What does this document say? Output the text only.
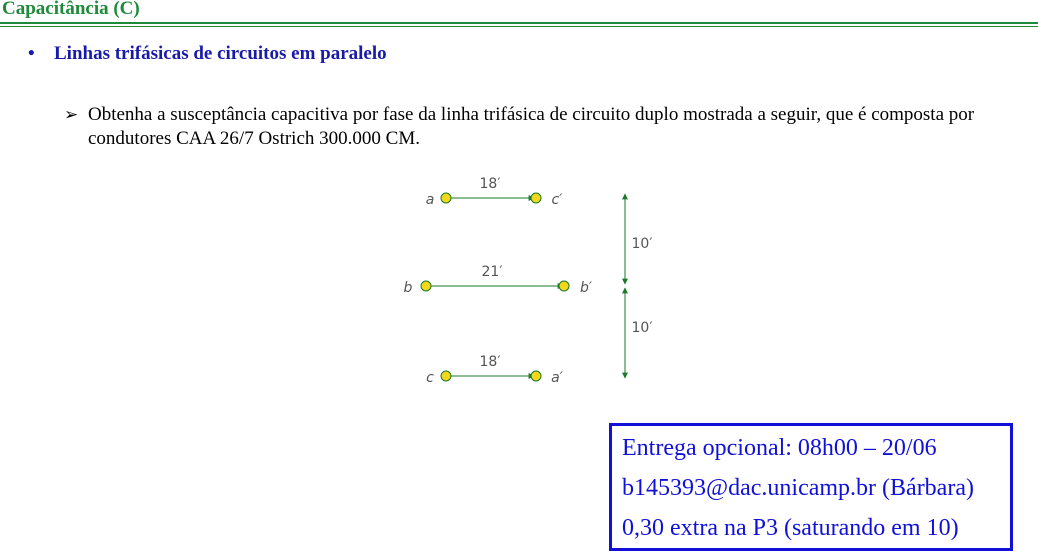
Capacitância (C)
• Linhas trifásicas de circuitos em paralelo
➢ Obtenha a susceptância capacitiva por fase da linha trifásica de circuito duplo mostrada a seguir, que é composta por condutores CAA 26/7 Ostrich 300.000 CM.
a
18′
c′
b
21′
b′
c
18′
a′
10′
10′
Entrega opcional: 08h00 – 20/06
b145393@dac.unicamp.br (Bárbara)
0,30 extra na P3 (saturando em 10)
